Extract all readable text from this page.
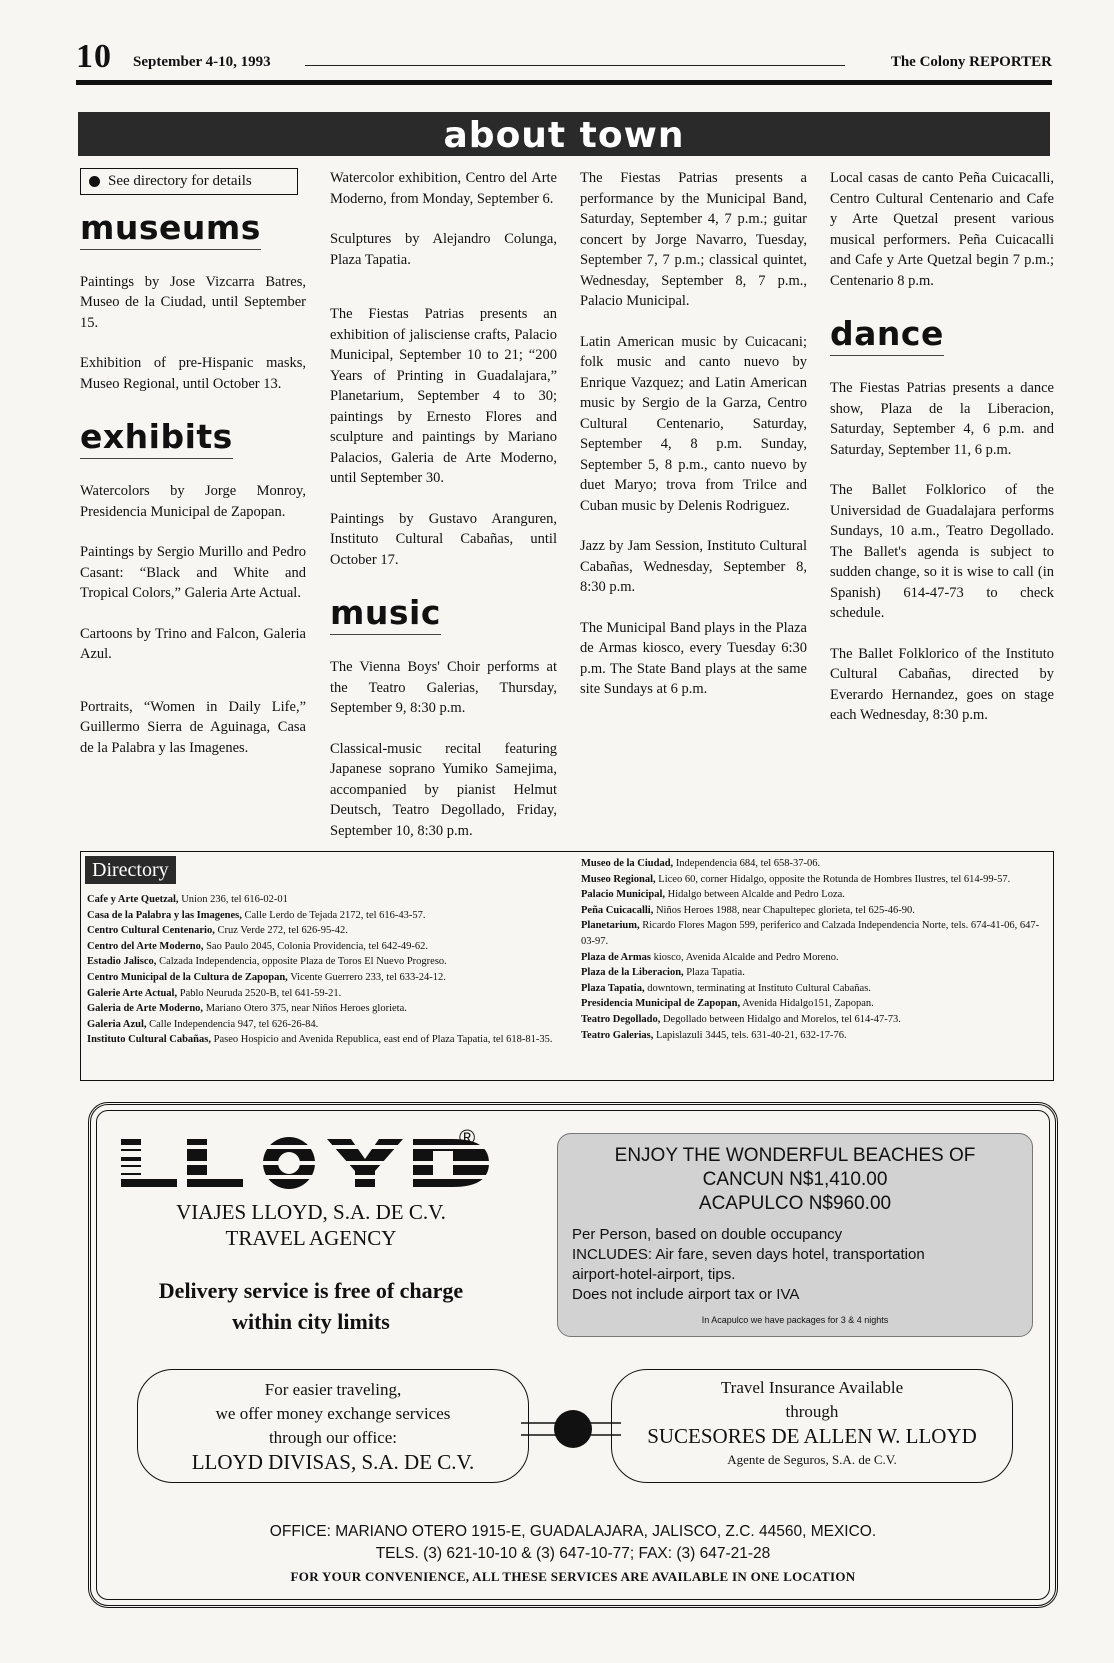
10 September 4-10, 1993	The Colony REPORTER
about town
See directory for details
museums

Paintings by Jose Vizcarra Batres, Museo de la Ciudad, until September 15.

Exhibition of pre-Hispanic masks, Museo Regional, until October 13.

exhibits

Watercolors by Jorge Monroy, Presidencia Municipal de Zapopan.

Paintings by Sergio Murillo and Pedro Casant: “Black and White and Tropical Colors,” Galeria Arte Actual.

Cartoons by Trino and Falcon, Galeria Azul.

Portraits, “Women in Daily Life,” Guillermo Sierra de Aguinaga, Casa de la Palabra y las Imagenes.

Watercolor exhibition, Centro del Arte Moderno, from Monday, September 6.

Sculptures by Alejandro Colunga, Plaza Tapatia.

The Fiestas Patrias presents an exhibition of jalisciense crafts, Palacio Municipal, September 10 to 21; “200 Years of Printing in Guadalajara,” Planetarium, September 4 to 30; paintings by Ernesto Flores and sculpture and paintings by Mariano Palacios, Galeria de Arte Moderno, until September 30.

Paintings by Gustavo Aranguren, Instituto Cultural Cabañas, until October 17.

music

The Vienna Boys' Choir performs at the Teatro Galerias, Thursday, September 9, 8:30 p.m.

Classical-music recital featuring Japanese soprano Yumiko Samejima, accompanied by pianist Helmut Deutsch, Teatro Degollado, Friday, September 10, 8:30 p.m.

The Fiestas Patrias presents a performance by the Municipal Band, Saturday, September 4, 7 p.m.; guitar concert by Jorge Navarro, Tuesday, September 7, 7 p.m.; classical quintet, Wednesday, September 8, 7 p.m., Palacio Municipal.

Latin American music by Cuicacani; folk music and canto nuevo by Enrique Vazquez; and Latin American music by Sergio de la Garza, Centro Cultural Centenario, Saturday, September 4, 8 p.m. Sunday, September 5, 8 p.m., canto nuevo by duet Maryo; trova from Trilce and Cuban music by Delenis Rodriguez.

Jazz by Jam Session, Instituto Cultural Cabañas, Wednesday, September 8, 8:30 p.m.

The Municipal Band plays in the Plaza de Armas kiosco, every Tuesday 6:30 p.m. The State Band plays at the same site Sundays at 6 p.m.

Local casas de canto Peña Cuicacalli, Centro Cultural Centenario and Cafe y Arte Quetzal present various musical performers. Peña Cuicacalli and Cafe y Arte Quetzal begin 7 p.m.; Centenario 8 p.m.

dance

The Fiestas Patrias presents a dance show, Plaza de la Liberacion, Saturday, September 4, 6 p.m. and Saturday, September 11, 6 p.m.

The Ballet Folklorico of the Universidad de Guadalajara performs Sundays, 10 a.m., Teatro Degollado. The Ballet's agenda is subject to sudden change, so it is wise to call (in Spanish) 614-47-73 to check schedule.

The Ballet Folklorico of the Instituto Cultural Cabañas, directed by Everardo Hernandez, goes on stage each Wednesday, 8:30 p.m.

Directory
Cafe y Arte Quetzal, Union 236, tel 616-02-01
Casa de la Palabra y las Imagenes, Calle Lerdo de Tejada 2172, tel 616-43-57.
Centro Cultural Centenario, Cruz Verde 272, tel 626-95-42.
Centro del Arte Moderno, Sao Paulo 2045, Colonia Providencia, tel 642-49-62.
Estadio Jalisco, Calzada Independencia, opposite Plaza de Toros El Nuevo Progreso.
Centro Municipal de la Cultura de Zapopan, Vicente Guerrero 233, tel 633-24-12.
Galerie Arte Actual, Pablo Neuruda 2520-B, tel 641-59-21.
Galeria de Arte Moderno, Mariano Otero 375, near Niños Heroes glorieta.
Galeria Azul, Calle Independencia 947, tel 626-26-84.
Instituto Cultural Cabañas, Paseo Hospicio and Avenida Republica, east end of Plaza Tapatia, tel 618-81-35.
Museo de la Ciudad, Independencia 684, tel 658-37-06.
Museo Regional, Liceo 60, corner Hidalgo, opposite the Rotunda de Hombres Ilustres, tel 614-99-57.
Palacio Municipal, Hidalgo between Alcalde and Pedro Loza.
Peña Cuicacalli, Niños Heroes 1988, near Chapultepec glorieta, tel 625-46-90.
Planetarium, Ricardo Flores Magon 599, periferico and Calzada Independencia Norte, tels. 674-41-06, 647-03-97.
Plaza de Armas kiosco, Avenida Alcalde and Pedro Moreno.
Plaza de la Liberacion, Plaza Tapatia.
Plaza Tapatia, downtown, terminating at Instituto Cultural Cabañas.
Presidencia Municipal de Zapopan, Avenida Hidalgo151, Zapopan.
Teatro Degollado, Degollado between Hidalgo and Morelos, tel 614-47-73.
Teatro Galerias, Lapislazuli 3445, tels. 631-40-21, 632-17-76.
®
VIAJES LLOYD, S.A. DE C.V.
TRAVEL AGENCY
Delivery service is free of charge
within city limits
ENJOY THE WONDERFUL BEACHES OF
CANCUN N$1,410.00
ACAPULCO N$960.00
Per Person, based on double occupancy
INCLUDES: Air fare, seven days hotel, transportation
airport-hotel-airport, tips.
Does not include airport tax or IVA
In Acapulco we have packages for 3 & 4 nights
For easier traveling,
we offer money exchange services
through our office:
LLOYD DIVISAS, S.A. DE C.V.
Travel Insurance Available
through
SUCESORES DE ALLEN W. LLOYD
Agente de Seguros, S.A. de C.V.
OFFICE: MARIANO OTERO 1915-E, GUADALAJARA, JALISCO, Z.C. 44560, MEXICO.
TELS. (3) 621-10-10 & (3) 647-10-77; FAX: (3) 647-21-28
FOR YOUR CONVENIENCE, ALL THESE SERVICES ARE AVAILABLE IN ONE LOCATION
